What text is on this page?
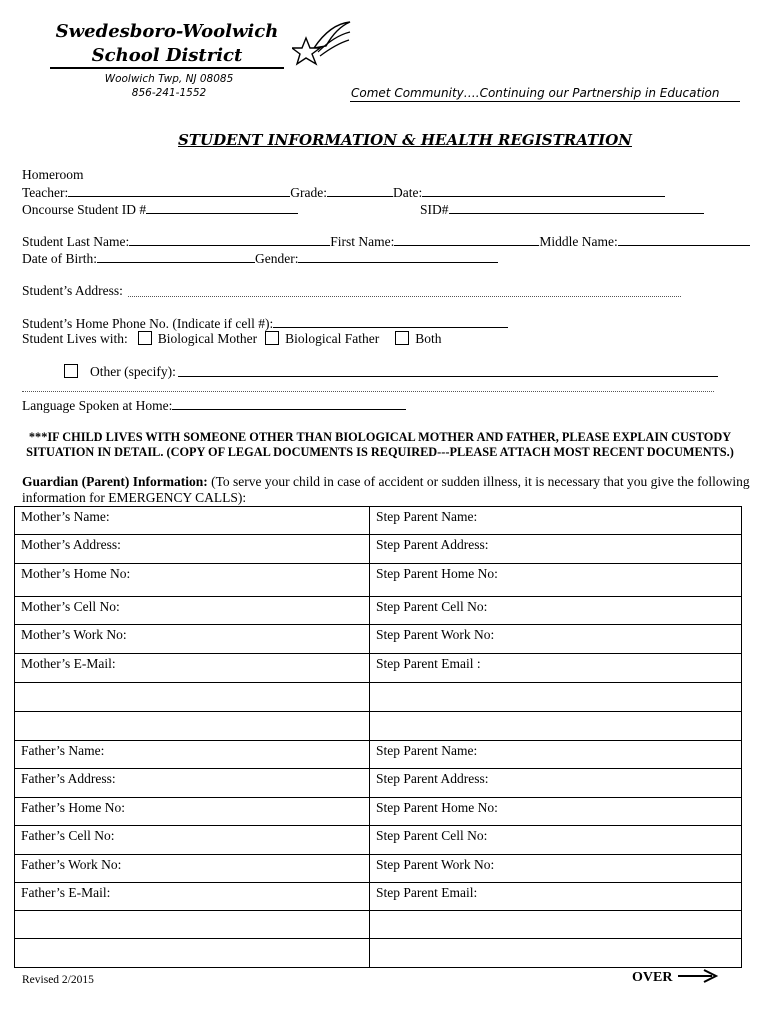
Swedesboro-Woolwich
School District
Woolwich Twp, NJ 08085
856-241-1552	Comet Community….Continuing our Partnership in Education
STUDENT INFORMATION & HEALTH REGISTRATION
Homeroom
Teacher:	Grade:	Date:
Oncourse Student ID #	SID#
Student Last Name:	First Name:	Middle Name:
Date of Birth:	Gender:
Student’s Address:
Student’s Home Phone No. (Indicate if cell #):
Student Lives with: Biological Mother Biological Father	Both
Other (specify):
Language Spoken at Home:
***IF CHILD LIVES WITH SOMEONE OTHER THAN BIOLOGICAL MOTHER AND FATHER, PLEASE EXPLAIN CUSTODY SITUATION IN DETAIL. (COPY OF LEGAL DOCUMENTS IS REQUIRED---PLEASE ATTACH MOST RECENT DOCUMENTS.)
Guardian (Parent) Information: (To serve your child in case of accident or sudden illness, it is necessary that you give the following information for EMERGENCY CALLS):
Mother’s Name:	Step Parent Name:
Mother’s Address:	Step Parent Address:
Mother’s Home No:	Step Parent Home No:
Mother’s Cell No:	Step Parent Cell No:
Mother’s Work No:	Step Parent Work No:
Mother’s E-Mail:	Step Parent Email :

Father’s Name:	Step Parent Name:
Father’s Address:	Step Parent Address:
Father’s Home No:	Step Parent Home No:
Father’s Cell No:	Step Parent Cell No:
Father’s Work No:	Step Parent Work No:
Father’s E-Mail:	Step Parent Email:

Revised 2/2015	OVER
